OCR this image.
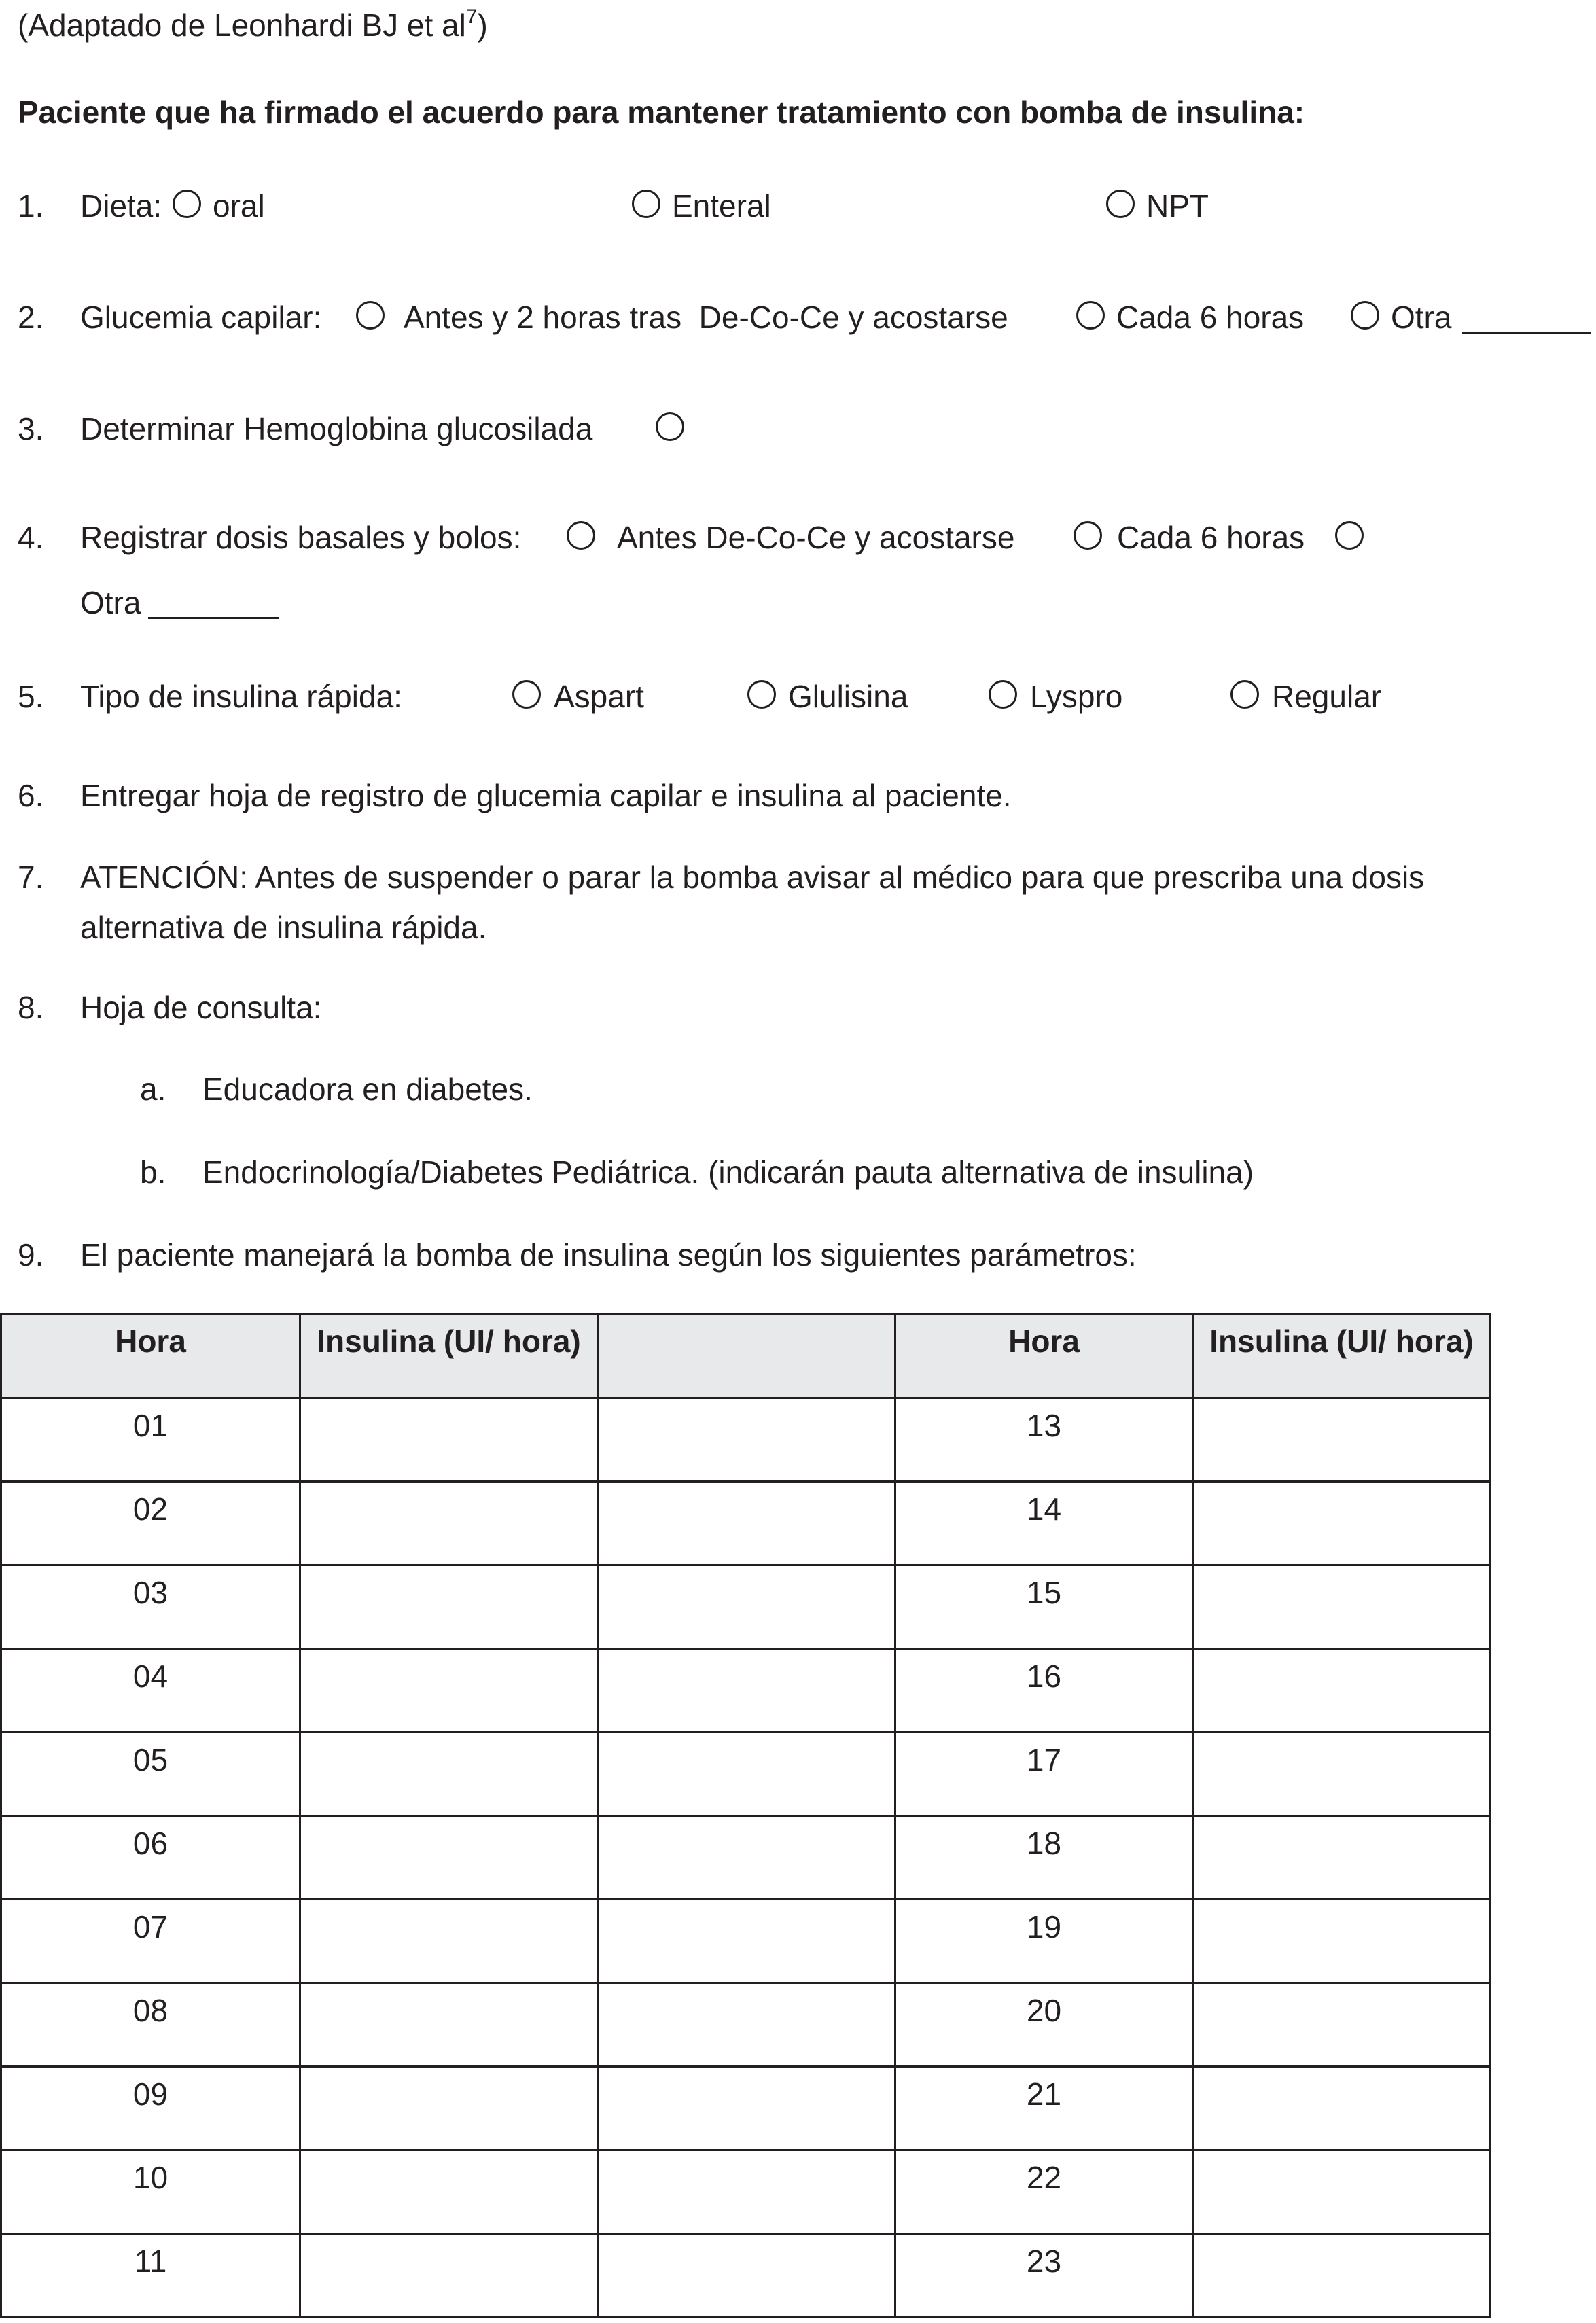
(Adaptado de Leonhardi BJ et $al^7$)
Paciente que ha firmado el acuerdo para mantener tratamiento con bomba de insulina:
1. Dieta: oral	Enteral	NPT
2. Glucemia capilar:	Antes y 2 horas tras  De-Co-Ce y acostarse	Cada 6 horas	Otra
3. Determinar Hemoglobina glucosilada
4. Registrar dosis basales y bolos:	Antes De-Co-Ce y acostarse	Cada 6 horas
Otra
5. Tipo de insulina rápida:	Aspart	Glulisina	Lyspro	Regular
6. Entregar hoja de registro de glucemia capilar e insulina al paciente.
7. ATENCIÓN: Antes de suspender o parar la bomba avisar al médico para que prescriba una dosis
alternativa de insulina rápida.
8. Hoja de consulta:
a. Educadora en diabetes.
b. Endocrinología/Diabetes Pediátrica. (indicarán pauta alternativa de insulina)
9. El paciente manejará la bomba de insulina según los siguientes parámetros:
Hora	Insulina (UI/ hora)		Hora	Insulina (UI/ hora)
01			13	
02			14	
03			15	
04			16	
05			17	
06			18	
07			19	
08			20	
09			21	
10			22	
11			23	
